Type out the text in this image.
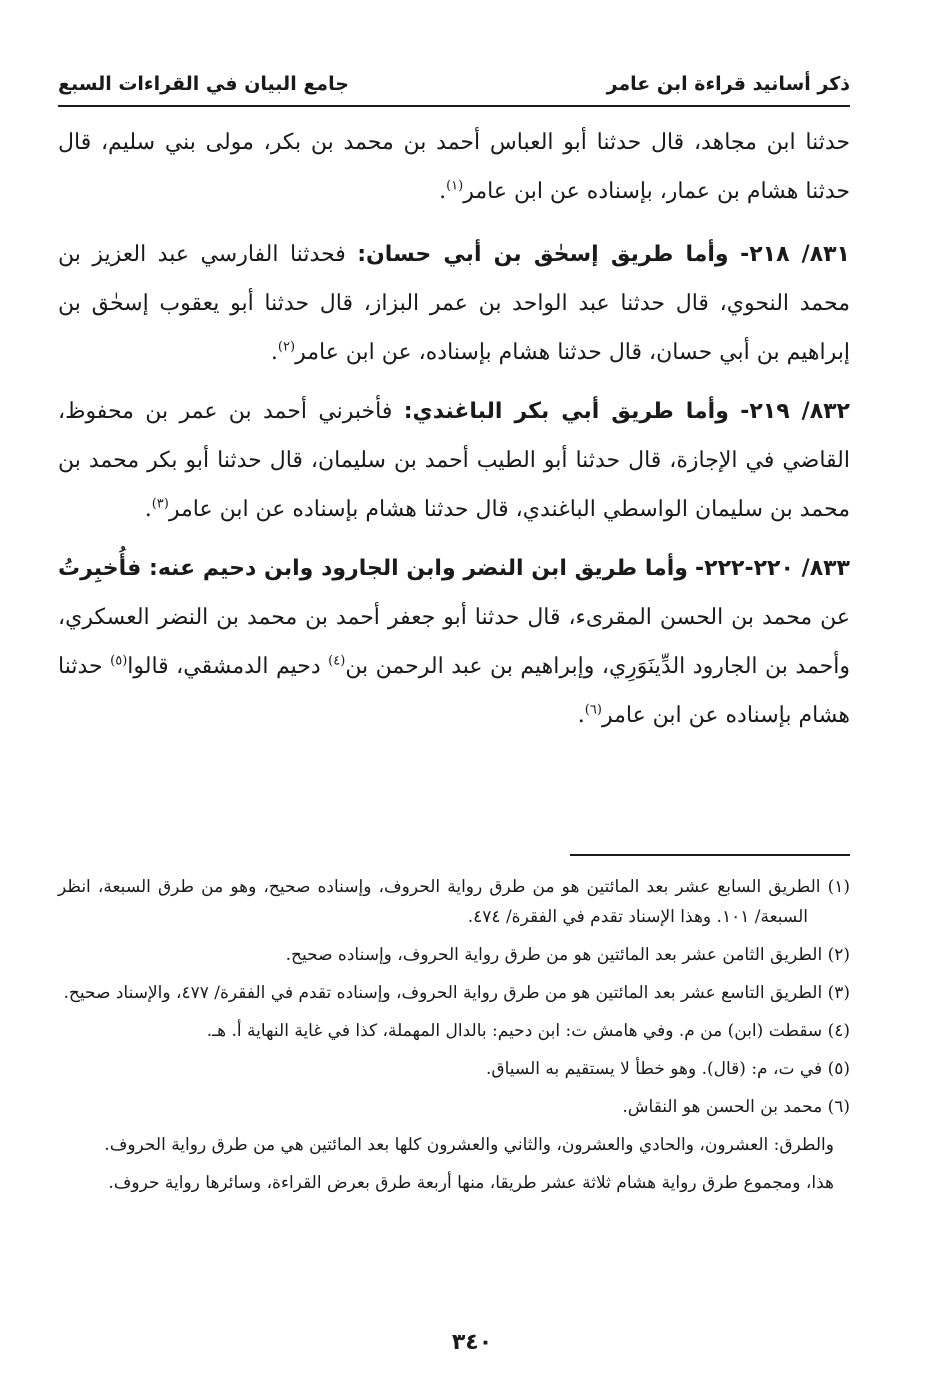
جامع البيان في القراءات السبع	ذكر أسانيد قراءة ابن عامر

حدثنا ابن مجاهد، قال حدثنا أبو العباس أحمد بن محمد بن بكر، مولى بني سليم، قال حدثنا هشام بن عمار، بإسناده عن ابن عامر$^{(١)}$.

٨٣١/ ٢١٨- وأما طريق إسحٰق بن أبي حسان: فحدثنا الفارسي عبد العزيز بن محمد النحوي، قال حدثنا عبد الواحد بن عمر البزاز، قال حدثنا أبو يعقوب إسحٰق بن إبراهيم بن أبي حسان، قال حدثنا هشام بإسناده، عن ابن عامر$^{(٢)}$.

٨٣٢/ ٢١٩- وأما طريق أبي بكر الباغندي: فأخبرني أحمد بن عمر بن محفوظ، القاضي في الإجازة، قال حدثنا أبو الطيب أحمد بن سليمان، قال حدثنا أبو بكر محمد بن محمد بن سليمان الواسطي الباغندي، قال حدثنا هشام بإسناده عن ابن عامر$^{(٣)}$.

٨٣٣/ ٢٢٠-٢٢٢- وأما طريق ابن النضر وابن الجارود وابن دحيم عنه: فأُخبِرتُ عن محمد بن الحسن المقرىء، قال حدثنا أبو جعفر أحمد بن محمد بن النضر العسكري، وأحمد بن الجارود الدِّينَوَرِي، وإبراهيم بن عبد الرحمن بن$^{(٤)}$ دحيم الدمشقي، قالوا$^{(٥)}$ حدثنا هشام بإسناده عن ابن عامر$^{(٦)}$.

(١) الطريق السابع عشر بعد المائتين هو من طرق رواية الحروف، وإسناده صحيح، وهو من طرق السبعة، انظر السبعة/ ١٠١. وهذا الإسناد تقدم في الفقرة/ ٤٧٤.

(٢) الطريق الثامن عشر بعد المائتين هو من طرق رواية الحروف، وإسناده صحيح.

(٣) الطريق التاسع عشر بعد المائتين هو من طرق رواية الحروف، وإسناده تقدم في الفقرة/ ٤٧٧، والإسناد صحيح.

(٤) سقطت (ابن) من م. وفي هامش ت: ابن دحيم: بالدال المهملة، كذا في غاية النهاية أ. هـ.

(٥) في ت، م: (قال). وهو خطأ لا يستقيم به السياق.

(٦) محمد بن الحسن هو النقاش.

والطرق: العشرون، والحادي والعشرون، والثاني والعشرون كلها بعد المائتين هي من طرق رواية الحروف.

هذا، ومجموع طرق رواية هشام ثلاثة عشر طريقا، منها أربعة طرق بعرض القراءة، وسائرها رواية حروف.

٣٤٠
